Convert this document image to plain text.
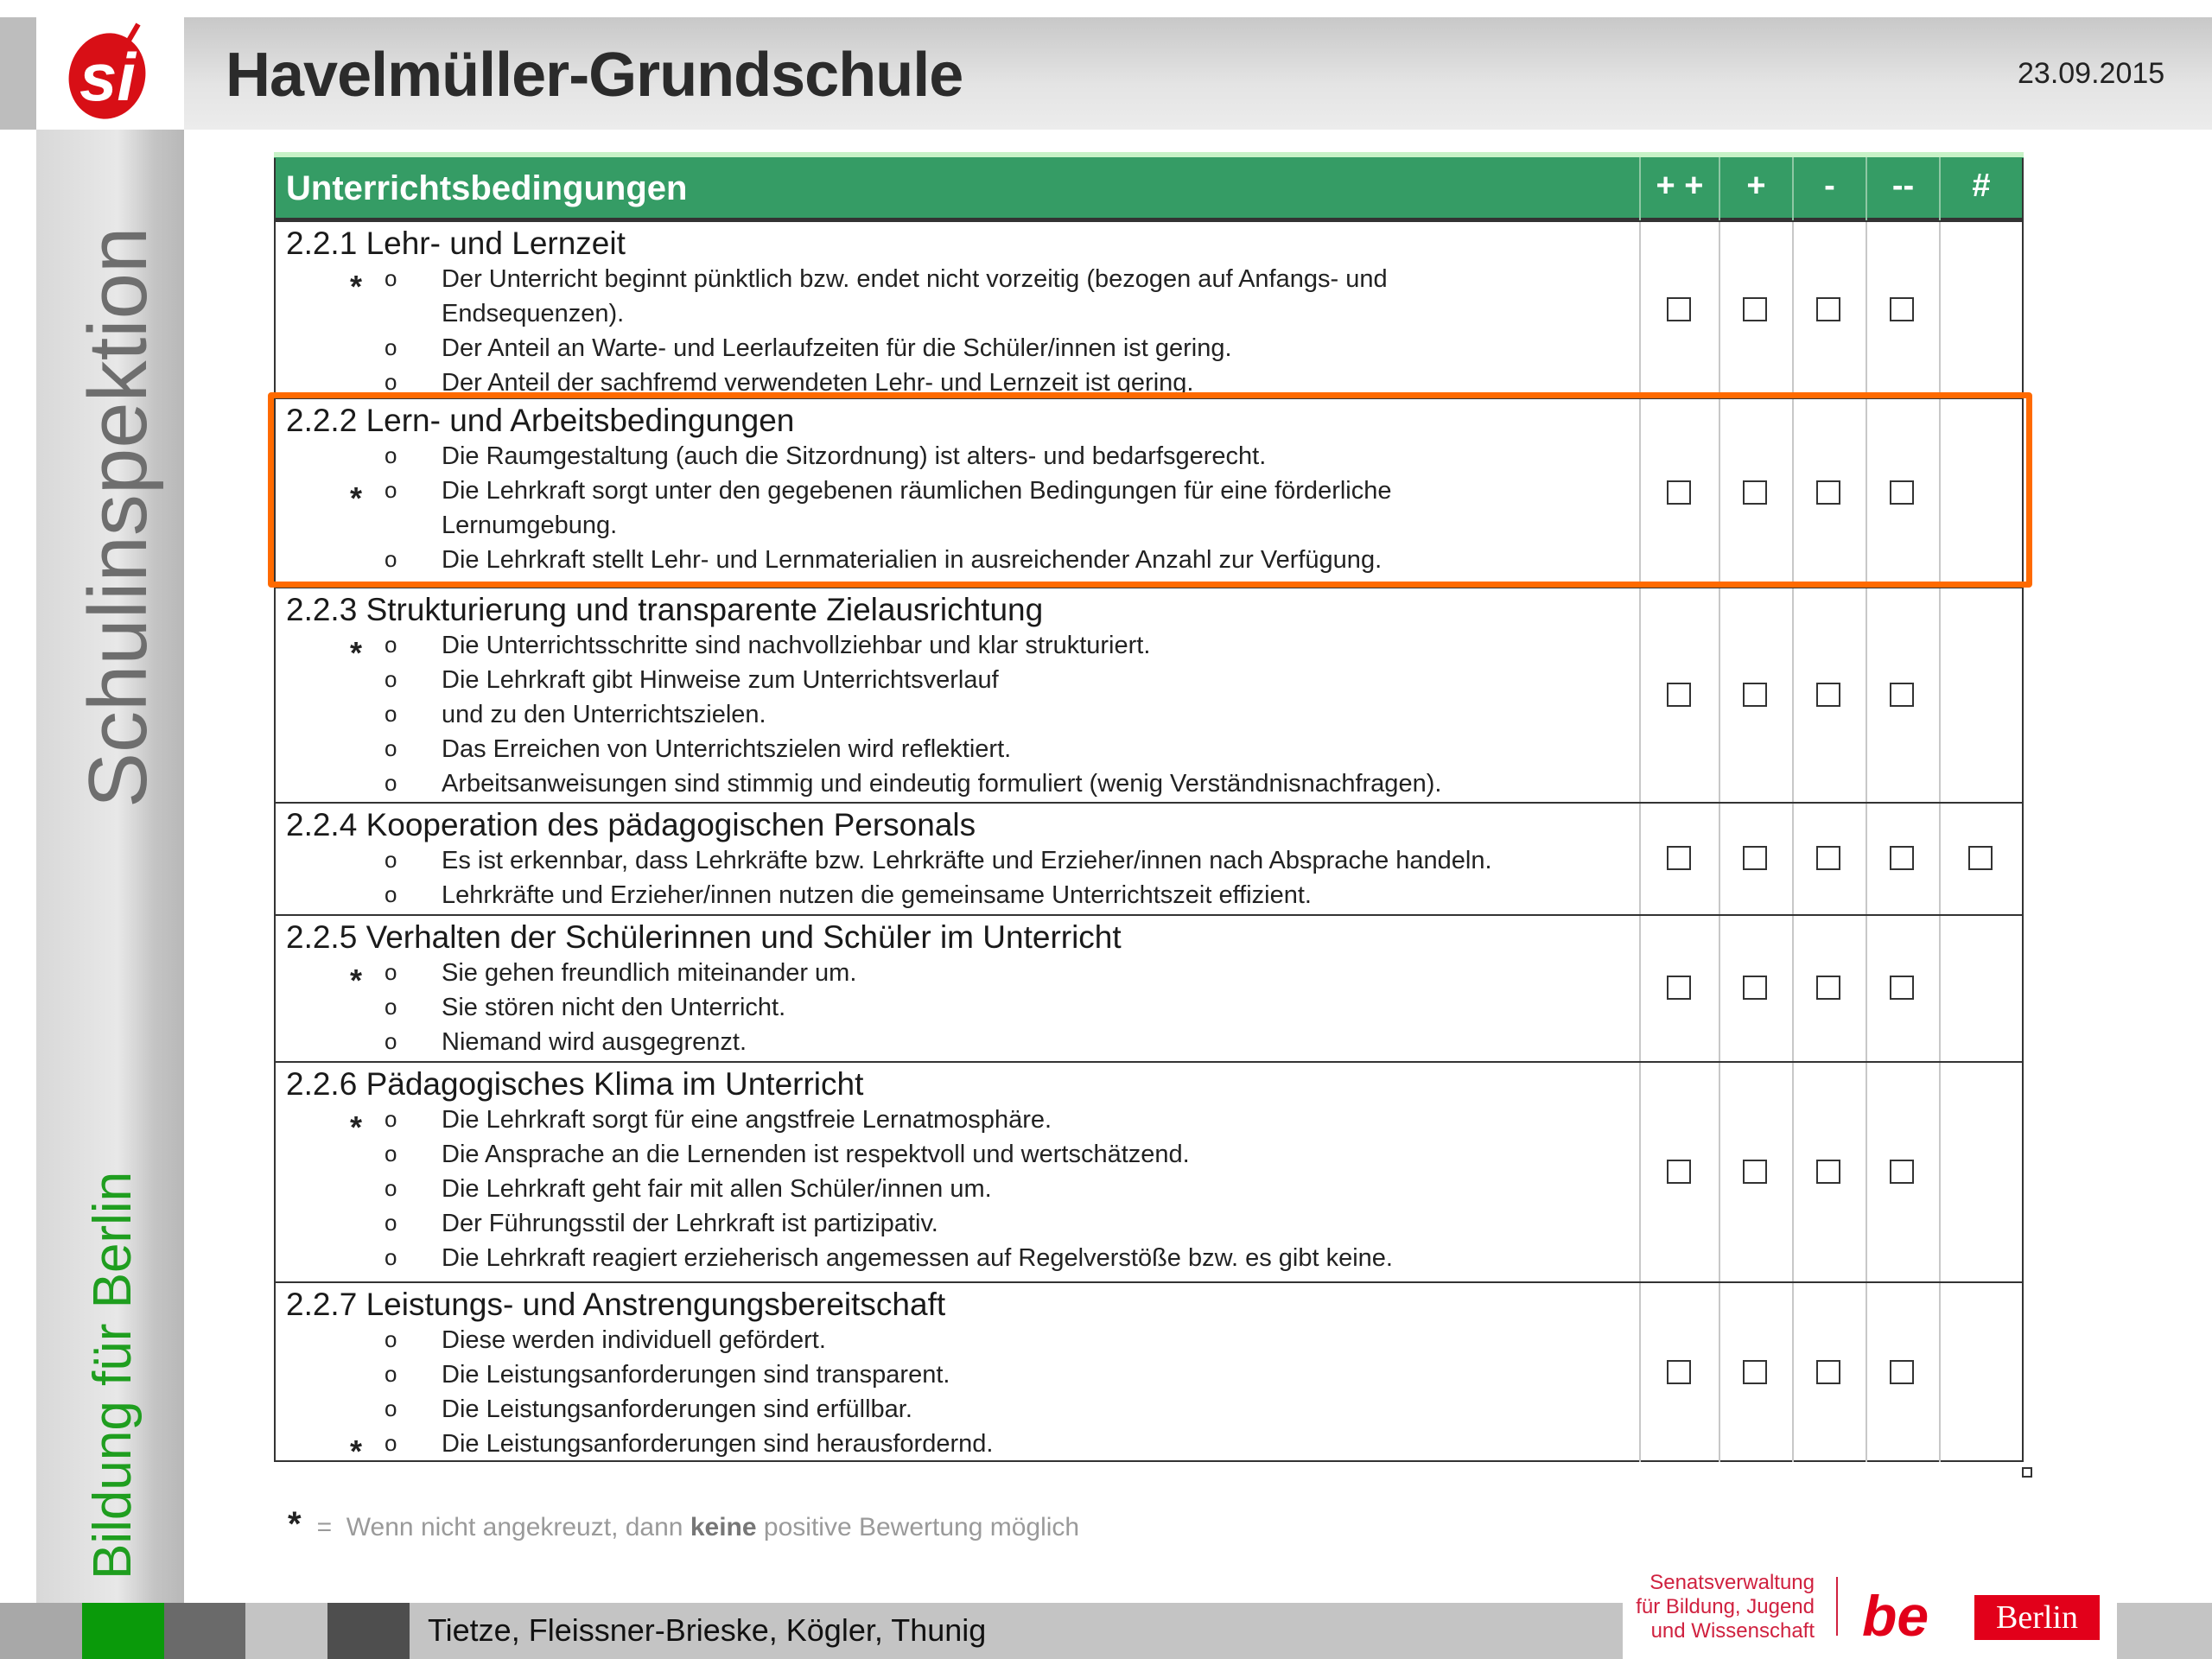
si Havelmüller-Grundschule	23.09.2015
Schulinspektion
Bildung für Berlin
Unterrichtsbedingungen	+ +	+	-	--	#
2.2.1 Lehr- und Lernzeit
* o Der Unterricht beginnt pünktlich bzw. endet nicht vorzeitig (bezogen auf Anfangs- und
Endsequenzen).
o Der Anteil an Warte- und Leerlaufzeiten für die Schüler/innen ist gering.
o Der Anteil der sachfremd verwendeten Lehr- und Lernzeit ist gering.
2.2.2 Lern- und Arbeitsbedingungen
o Die Raumgestaltung (auch die Sitzordnung) ist alters- und bedarfsgerecht.
* o Die Lehrkraft sorgt unter den gegebenen räumlichen Bedingungen für eine förderliche
Lernumgebung.
o Die Lehrkraft stellt Lehr- und Lernmaterialien in ausreichender Anzahl zur Verfügung.
2.2.3 Strukturierung und transparente Zielausrichtung
* o Die Unterrichtsschritte sind nachvollziehbar und klar strukturiert.
o Die Lehrkraft gibt Hinweise zum Unterrichtsverlauf
o und zu den Unterrichtszielen.
o Das Erreichen von Unterrichtszielen wird reflektiert.
o Arbeitsanweisungen sind stimmig und eindeutig formuliert (wenig Verständnisnachfragen).
2.2.4 Kooperation des pädagogischen Personals
o Es ist erkennbar, dass Lehrkräfte bzw. Lehrkräfte und Erzieher/innen nach Absprache handeln.
o Lehrkräfte und Erzieher/innen nutzen die gemeinsame Unterrichtszeit effizient.
2.2.5 Verhalten der Schülerinnen und Schüler im Unterricht
* o Sie gehen freundlich miteinander um.
o Sie stören nicht den Unterricht.
o Niemand wird ausgegrenzt.
2.2.6 Pädagogisches Klima im Unterricht
* o Die Lehrkraft sorgt für eine angstfreie Lernatmosphäre.
o Die Ansprache an die Lernenden ist respektvoll und wertschätzend.
o Die Lehrkraft geht fair mit allen Schüler/innen um.
o Der Führungsstil der Lehrkraft ist partizipativ.
o Die Lehrkraft reagiert erzieherisch angemessen auf Regelverstöße bzw. es gibt keine.
2.2.7 Leistungs- und Anstrengungsbereitschaft
o Diese werden individuell gefördert.
o Die Leistungsanforderungen sind transparent.
o Die Leistungsanforderungen sind erfüllbar.
* o Die Leistungsanforderungen sind herausfordernd.
* = Wenn nicht angekreuzt, dann keine positive Bewertung möglich
Tietze, Fleissner-Brieske, Kögler, Thunig
Senatsverwaltung
für Bildung, Jugend
und Wissenschaft be	Berlin
